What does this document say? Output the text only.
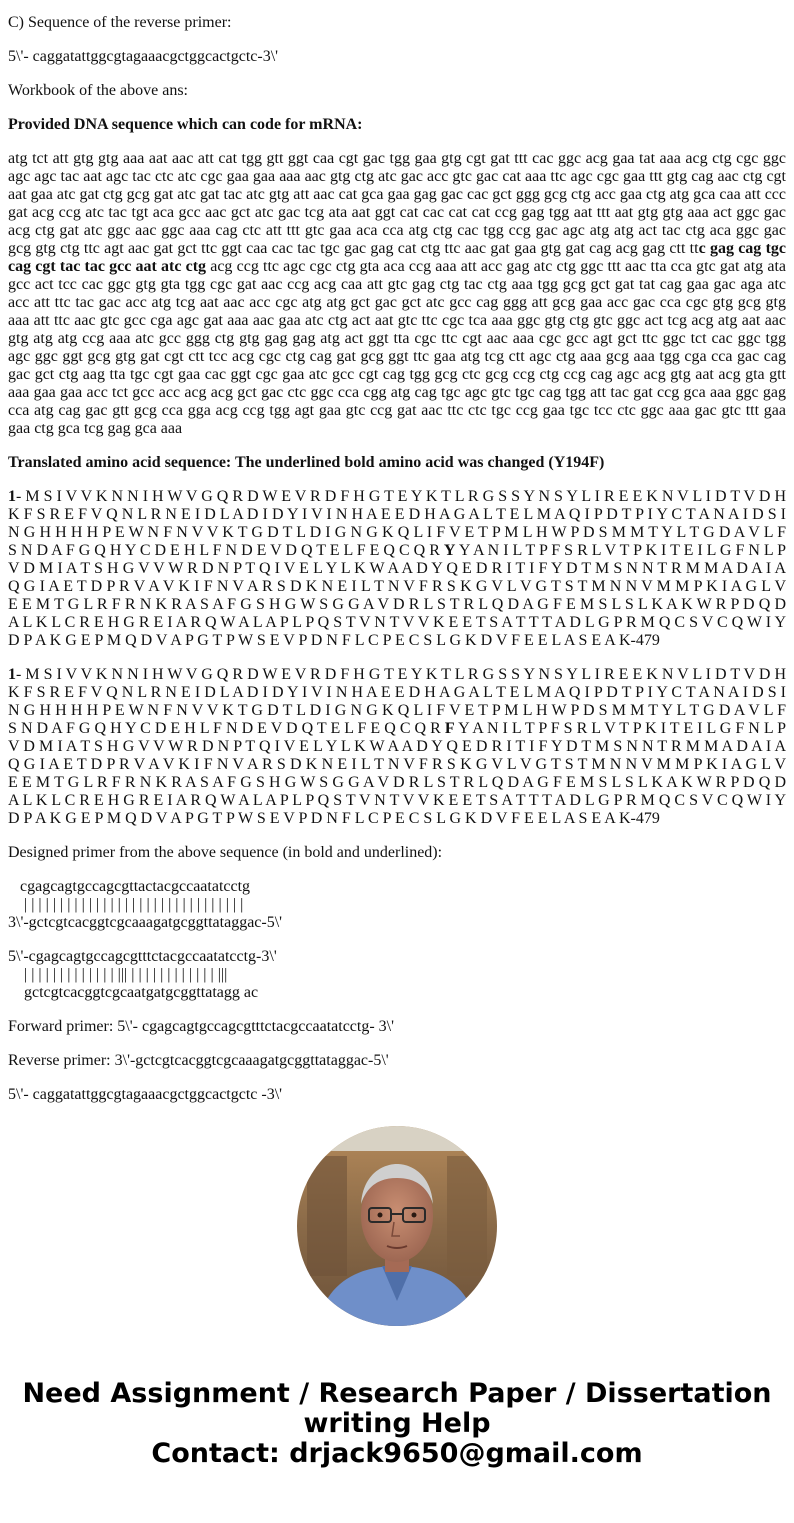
C) Sequence of the reverse primer:

5\'- caggatattggcgtagaaacgctggcactgctc-3\'

Workbook of the above ans:

Provided DNA sequence which can code for mRNA:

atg tct att gtg gtg aaa aat aac att cat tgg gtt ggt caa cgt gac tgg gaa gtg cgt gat ttt cac ggc acg gaa tat aaa acg ctg cgc ggc agc agc tac aat agc tac ctc atc cgc gaa gaa aaa aac gtg ctg atc gac acc gtc gac cat aaa ttc agc cgc gaa ttt gtg cag aac ctg cgt aat gaa atc gat ctg gcg gat atc gat tac atc gtg att aac cat gca gaa gag gac cac gct ggg gcg ctg acc gaa ctg atg gca caa att ccc gat acg ccg atc tac tgt aca gcc aac gct atc gac tcg ata aat ggt cat cac cat cat ccg gag tgg aat ttt aat gtg gtg aaa act ggc gac acg ctg gat atc ggc aac ggc aaa cag ctc att ttt gtc gaa aca cca atg ctg cac tgg ccg gac agc atg atg act tac ctg aca ggc gac gcg gtg ctg ttc agt aac gat gct ttc ggt caa cac tac tgc gac gag cat ctg ttc aac gat gaa gtg gat cag acg gag ctt ttc gag cag tgc cag cgt tac tac gcc aat atc ctg acg ccg ttc agc cgc ctg gta aca ccg aaa att acc gag atc ctg ggc ttt aac tta cca gtc gat atg ata gcc act tcc cac ggc gtg gta tgg cgc gat aac ccg acg caa att gtc gag ctg tac ctg aaa tgg gcg gct gat tat cag gaa gac aga atc acc att ttc tac gac acc atg tcg aat aac acc cgc atg atg gct gac gct atc gcc cag ggg att gcg gaa acc gac cca cgc gtg gcg gtg aaa att ttc aac gtc gcc cga agc gat aaa aac gaa atc ctg act aat gtc ttc cgc tca aaa ggc gtg ctg gtc ggc act tcg acg atg aat aac gtg atg atg ccg aaa atc gcc ggg ctg gtg gag gag atg act ggt tta cgc ttc cgt aac aaa cgc gcc agt gct ttc ggc tct cac ggc tgg agc ggc ggt gcg gtg gat cgt ctt tcc acg cgc ctg cag gat gcg ggt ttc gaa atg tcg ctt agc ctg aaa gcg aaa tgg cga cca gac cag gac gct ctg aag tta tgc cgt gaa cac ggt cgc gaa atc gcc cgt cag tgg gcg ctc gcg ccg ctg ccg cag agc acg gtg aat acg gta gtt aaa gaa gaa acc tct gcc acc acg acg gct gac ctc ggc cca cgg atg cag tgc agc gtc tgc cag tgg att tac gat ccg gca aaa ggc gag cca atg cag gac gtt gcg cca gga acg ccg tgg agt gaa gtc ccg gat aac ttc ctc tgc ccg gaa tgc tcc ctc ggc aaa gac gtc ttt gaa gaa ctg gca tcg gag gca aaa

Translated amino acid sequence: The underlined bold amino acid was changed (Y194F)

1- M S I V V K N N I H W V G Q R D W E V R D F H G T E Y K T L R G S S Y N S Y L I R E E K N V L I D T V D H K F S R E F V Q N L R N E I D L A D I D Y I V I N H A E E D H A G A L T E L M A Q I P D T P I Y C T A N A I D S I N G H H H H P E W N F N V V K T G D T L D I G N G K Q L I F V E T P M L H W P D S M M T Y L T G D A V L F S N D A F G Q H Y C D E H L F N D E V D Q T E L F E Q C Q R Y Y A N I L T P F S R L V T P K I T E I L G F N L P V D M I A T S H G V V W R D N P T Q I V E L Y L K W A A D Y Q E D R I T I F Y D T M S N N T R M M A D A I A Q G I A E T D P R V A V K I F N V A R S D K N E I L T N V F R S K G V L V G T S T M N N V M M P K I A G L V E E M T G L R F R N K R A S A F G S H G W S G G A V D R L S T R L Q D A G F E M S L S L K A K W R P D Q D A L K L C R E H G R E I A R Q W A L A P L P Q S T V N T V V K E E T S A T T T A D L G P R M Q C S V C Q W I Y D P A K G E P M Q D V A P G T P W S E V P D N F L C P E C S L G K D V F E E L A S E A K-479

1- M S I V V K N N I H W V G Q R D W E V R D F H G T E Y K T L R G S S Y N S Y L I R E E K N V L I D T V D H K F S R E F V Q N L R N E I D L A D I D Y I V I N H A E E D H A G A L T E L M A Q I P D T P I Y C T A N A I D S I N G H H H H P E W N F N V V K T G D T L D I G N G K Q L I F V E T P M L H W P D S M M T Y L T G D A V L F S N D A F G Q H Y C D E H L F N D E V D Q T E L F E Q C Q R F Y A N I L T P F S R L V T P K I T E I L G F N L P V D M I A T S H G V V W R D N P T Q I V E L Y L K W A A D Y Q E D R I T I F Y D T M S N N T R M M A D A I A Q G I A E T D P R V A V K I F N V A R S D K N E I L T N V F R S K G V L V G T S T M N N V M M P K I A G L V E E M T G L R F R N K R A S A F G S H G W S G G A V D R L S T R L Q D A G F E M S L S L K A K W R P D Q D A L K L C R E H G R E I A R Q W A L A P L P Q S T V N T V V K E E T S A T T T A D L G P R M Q C S V C Q W I Y D P A K G E P M Q D V A P G T P W S E V P D N F L C P E C S L G K D V F E E L A S E A K-479

Designed primer from the above sequence (in bold and underlined):

cgagcagtgccagcgttactacgccaatatcctg
| | | | | | | | | | | | | | | | | | | | | | | | | | | | | | |
3\'-gctcgtcacggtcgcaaagatgcggttataggac-5\'
5\'-cgagcagtgccagcgtttctacgccaatatcctg-3\'
| | | | | | | | | | | | | ||| | | | | | | | | | | | | |||
gctcgtcacggtcgcaatgatgcggttatagg ac

Forward primer: 5\'- cgagcagtgccagcgtttctacgccaatatcctg- 3\'

Reverse primer: 3\'-gctcgtcacggtcgcaaagatgcggttataggac-5\'

5\'- caggatattggcgtagaaacgctggcactgctc -3\'

Need Assignment / Research Paper / Dissertation
writing Help
Contact: drjack9650@gmail.com
